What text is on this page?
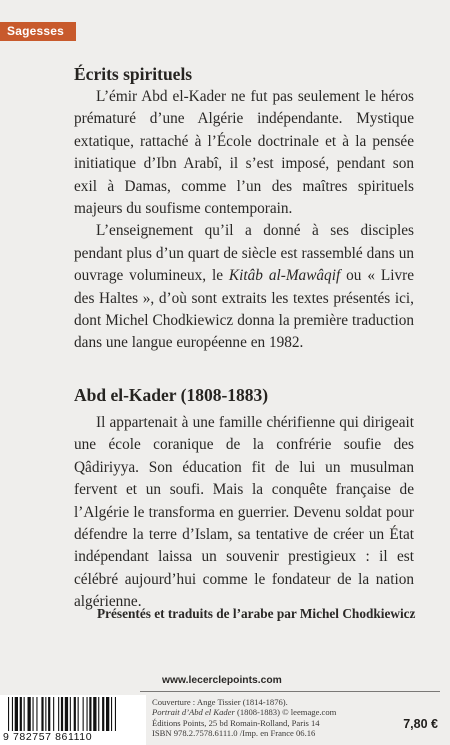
Sagesses
Écrits spirituels

L’émir Abd el-Kader ne fut pas seulement le héros prématuré d’une Algérie indépendante. Mystique extatique, rattaché à l’École doctrinale et à la pensée initiatique d’Ibn Arabî, il s’est imposé, pendant son exil à Damas, comme l’un des maîtres spirituels majeurs du soufisme contemporain.

L’enseignement qu’il a donné à ses disciples pendant plus d’un quart de siècle est rassemblé dans un ouvrage volumineux, le Kitâb al-Mawâqif ou « Livre des Haltes », d’où sont extraits les textes présentés ici, dont Michel Chodkiewicz donna la première traduction dans une langue européenne en 1982.

Abd el-Kader (1808-1883)

Il appartenait à une famille chérifienne qui dirigeait une école coranique de la confrérie soufie des Qâdiriyya. Son éducation fit de lui un musulman fervent et un soufi. Mais la conquête française de l’Algérie le transforma en guerrier. Devenu soldat pour défendre la terre d’Islam, sa tentative de créer un État indépendant laissa un souvenir prestigieux : il est célébré aujourd’hui comme le fondateur de la nation algérienne.

Présentés et traduits de l’arabe par Michel Chodkiewicz
www.lecerclepoints.com
9 782757 861110
Couverture : Ange Tissier (1814-1876).
Portrait d’Abd el Kader (1808-1883) © leemage.com
Éditions Points, 25 bd Romain-Rolland, Paris 14
ISBN 978.2.7578.6111.0 /Imp. en France 06.16
7,80 €
